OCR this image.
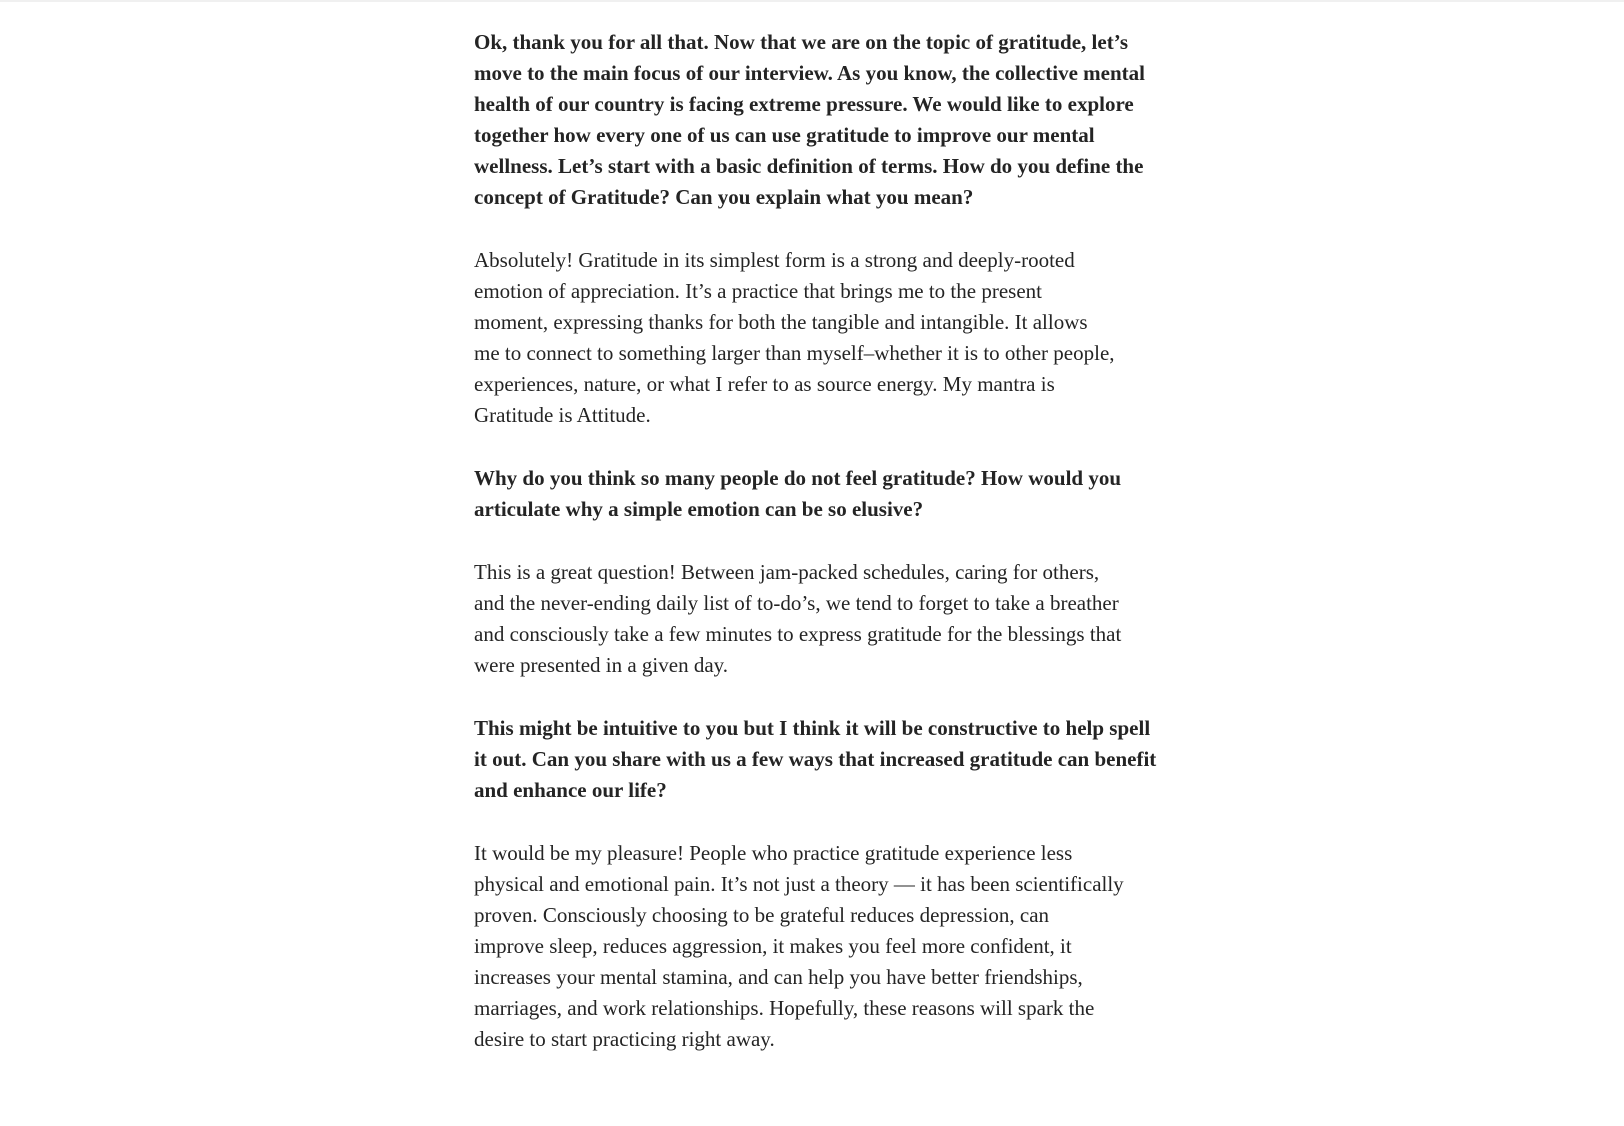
Ok, thank you for all that. Now that we are on the topic of gratitude, let’s
move to the main focus of our interview. As you know, the collective mental
health of our country is facing extreme pressure. We would like to explore
together how every one of us can use gratitude to improve our mental
wellness. Let’s start with a basic definition of terms. How do you define the
concept of Gratitude? Can you explain what you mean?

Absolutely! Gratitude in its simplest form is a strong and deeply-rooted
emotion of appreciation. It’s a practice that brings me to the present
moment, expressing thanks for both the tangible and intangible. It allows
me to connect to something larger than myself–whether it is to other people,
experiences, nature, or what I refer to as source energy. My mantra is
Gratitude is Attitude.

Why do you think so many people do not feel gratitude? How would you
articulate why a simple emotion can be so elusive?

This is a great question! Between jam-packed schedules, caring for others,
and the never-ending daily list of to-do’s, we tend to forget to take a breather
and consciously take a few minutes to express gratitude for the blessings that
were presented in a given day.

This might be intuitive to you but I think it will be constructive to help spell
it out. Can you share with us a few ways that increased gratitude can benefit
and enhance our life?

It would be my pleasure! People who practice gratitude experience less
physical and emotional pain. It’s not just a theory — it has been scientifically
proven. Consciously choosing to be grateful reduces depression, can
improve sleep, reduces aggression, it makes you feel more confident, it
increases your mental stamina, and can help you have better friendships,
marriages, and work relationships. Hopefully, these reasons will spark the
desire to start practicing right away.
